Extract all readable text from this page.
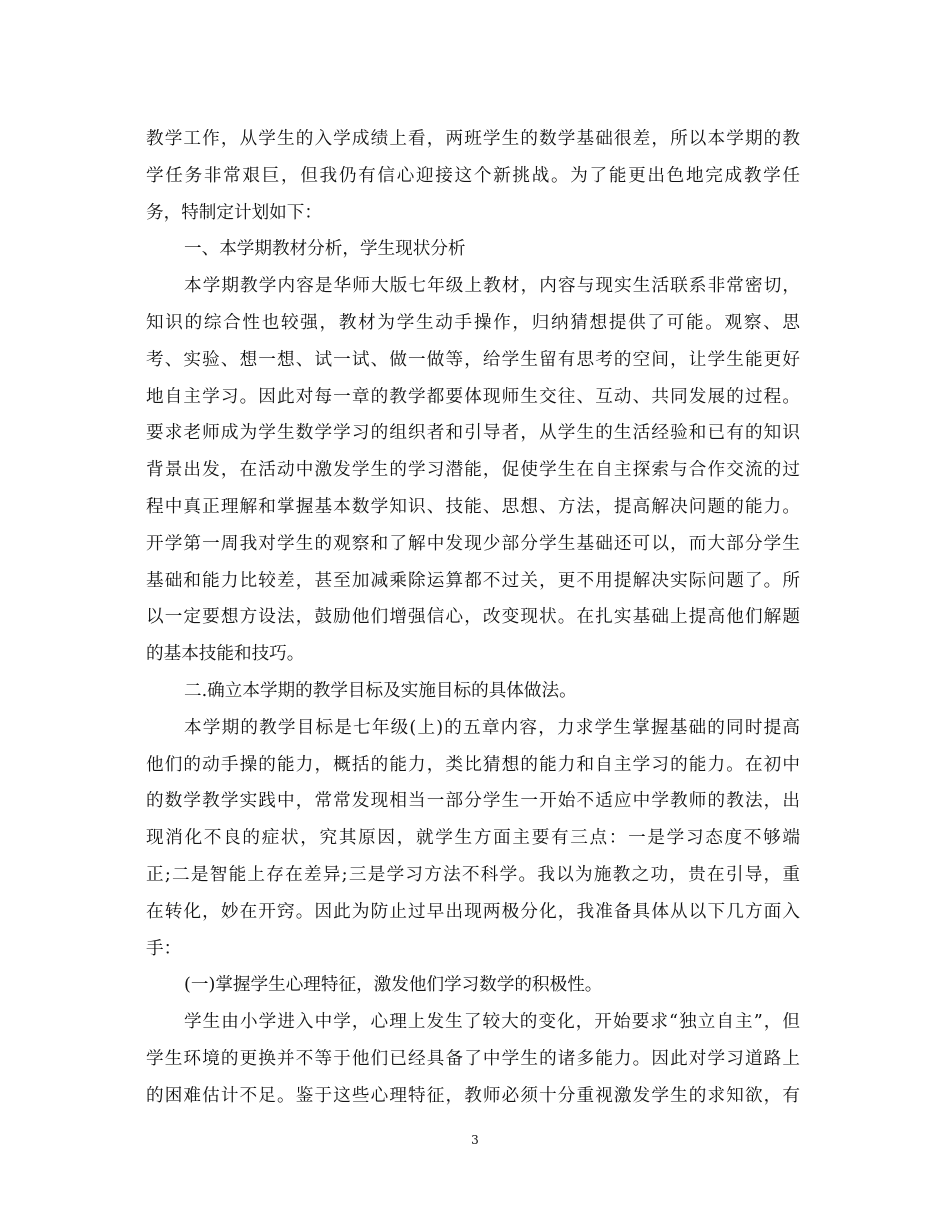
教学工作，从学生的入学成绩上看，两班学生的数学基础很差，所以本学期的教
学任务非常艰巨，但我仍有信心迎接这个新挑战。为了能更出色地完成教学任
务，特制定计划如下：
一、本学期教材分析，学生现状分析
本学期教学内容是华师大版七年级上教材，内容与现实生活联系非常密切，
知识的综合性也较强，教材为学生动手操作，归纳猜想提供了可能。观察、思
考、实验、想一想、试一试、做一做等，给学生留有思考的空间，让学生能更好
地自主学习。因此对每一章的教学都要体现师生交往、互动、共同发展的过程。
要求老师成为学生数学学习的组织者和引导者，从学生的生活经验和已有的知识
背景出发，在活动中激发学生的学习潜能，促使学生在自主探索与合作交流的过
程中真正理解和掌握基本数学知识、技能、思想、方法，提高解决问题的能力。
开学第一周我对学生的观察和了解中发现少部分学生基础还可以，而大部分学生
基础和能力比较差，甚至加减乘除运算都不过关，更不用提解决实际问题了。所
以一定要想方设法，鼓励他们增强信心，改变现状。在扎实基础上提高他们解题
的基本技能和技巧。
二.确立本学期的教学目标及实施目标的具体做法。
本学期的教学目标是七年级(上)的五章内容，力求学生掌握基础的同时提高
他们的动手操的能力，概括的能力，类比猜想的能力和自主学习的能力。在初中
的数学教学实践中，常常发现相当一部分学生一开始不适应中学教师的教法，出
现消化不良的症状，究其原因，就学生方面主要有三点：一是学习态度不够端
正;二是智能上存在差异;三是学习方法不科学。我以为施教之功，贵在引导，重
在转化，妙在开窍。因此为防止过早出现两极分化，我准备具体从以下几方面入
手：
(一)掌握学生心理特征，激发他们学习数学的积极性。
学生由小学进入中学，心理上发生了较大的变化，开始要求“独立自主”，但
学生环境的更换并不等于他们已经具备了中学生的诸多能力。因此对学习道路上
的困难估计不足。鉴于这些心理特征，教师必须十分重视激发学生的求知欲，有
3
